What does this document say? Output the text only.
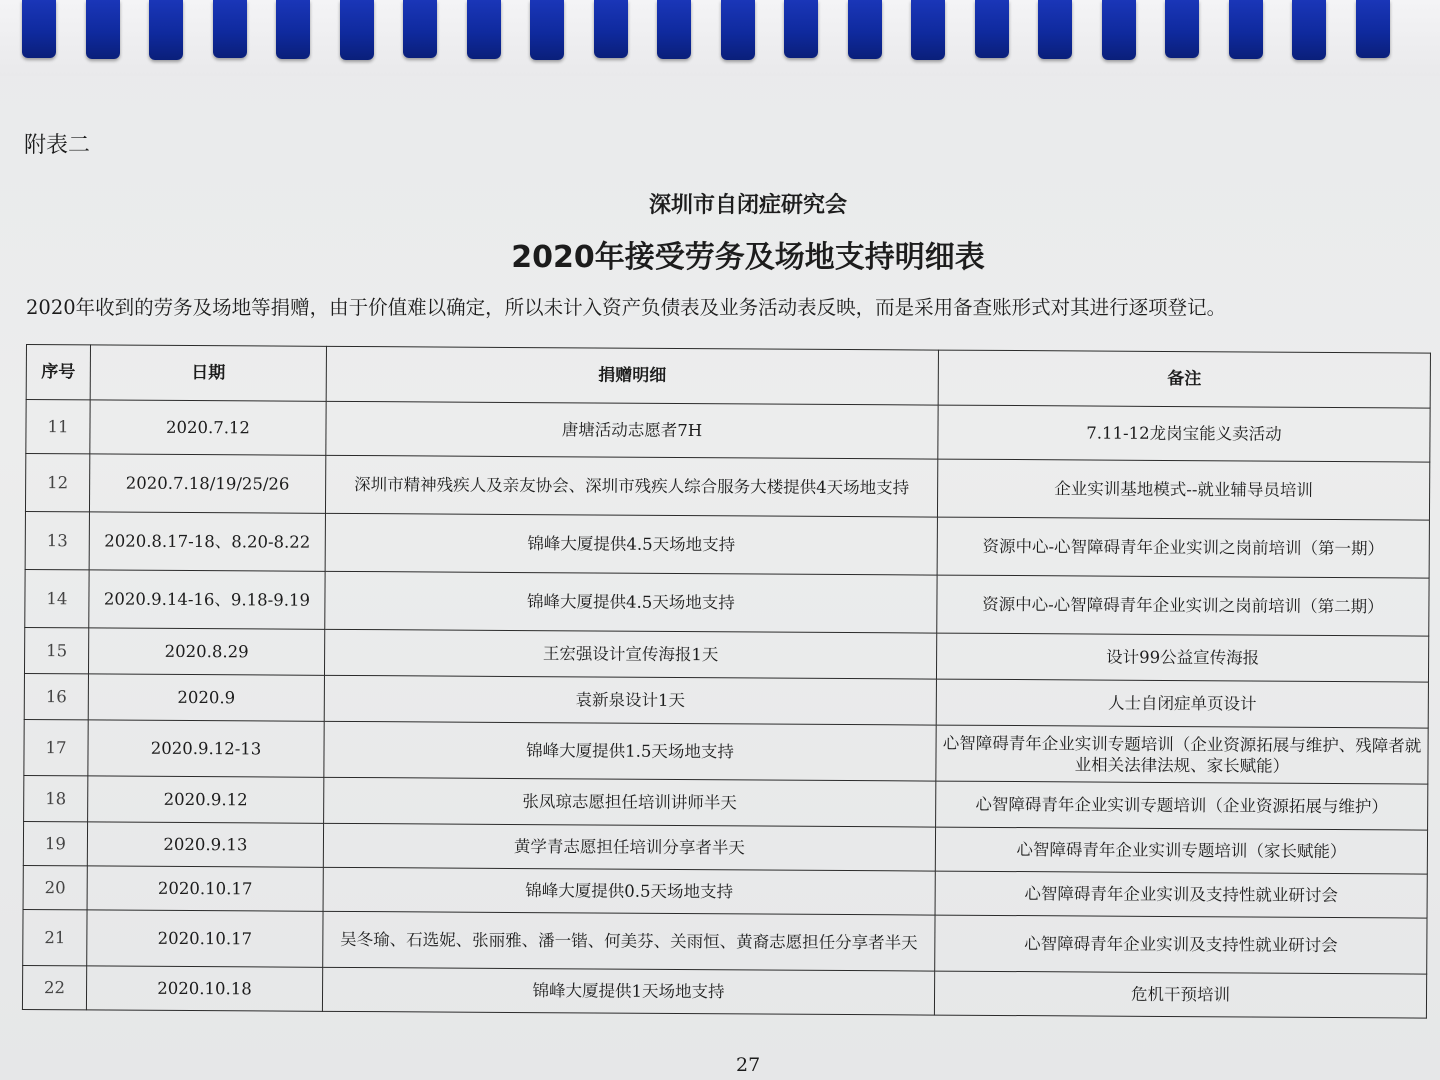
附表二
深圳市自闭症研究会
2020年接受劳务及场地支持明细表
2020年收到的劳务及场地等捐赠，由于价值难以确定，所以未计入资产负债表及业务活动表反映，而是采用备查账形式对其进行逐项登记。
序号	日期	捐赠明细	备注
11	2020.7.12	唐塘活动志愿者7H	7.11-12龙岗宝能义卖活动
12	2020.7.18/19/25/26	深圳市精神残疾人及亲友协会、深圳市残疾人综合服务大楼提供4天场地支持	企业实训基地模式--就业辅导员培训
13	2020.8.17-18、8.20-8.22	锦峰大厦提供4.5天场地支持	资源中心-心智障碍青年企业实训之岗前培训（第一期）
14	2020.9.14-16、9.18-9.19	锦峰大厦提供4.5天场地支持	资源中心-心智障碍青年企业实训之岗前培训（第二期）
15	2020.8.29	王宏强设计宣传海报1天	设计99公益宣传海报
16	2020.9	袁新泉设计1天	人士自闭症单页设计
17	2020.9.12-13	锦峰大厦提供1.5天场地支持	心智障碍青年企业实训专题培训（企业资源拓展与维护、残障者就业相关法律法规、家长赋能）
18	2020.9.12	张凤琼志愿担任培训讲师半天	心智障碍青年企业实训专题培训（企业资源拓展与维护）
19	2020.9.13	黄学青志愿担任培训分享者半天	心智障碍青年企业实训专题培训（家长赋能）
20	2020.10.17	锦峰大厦提供0.5天场地支持	心智障碍青年企业实训及支持性就业研讨会
21	2020.10.17	吴冬瑜、石选妮、张丽雅、潘一锴、何美芬、关雨恒、黄裔志愿担任分享者半天	心智障碍青年企业实训及支持性就业研讨会
22	2020.10.18	锦峰大厦提供1天场地支持	危机干预培训
27
